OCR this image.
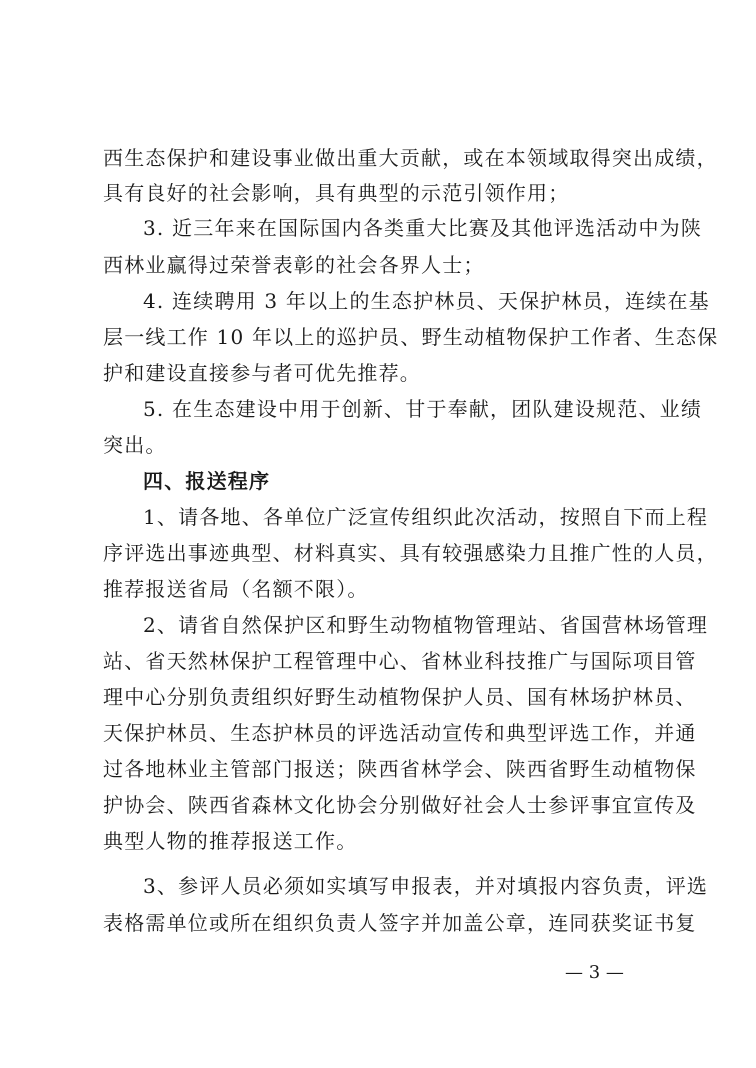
西生态保护和建设事业做出重大贡献，或在本领域取得突出成绩，
具有良好的社会影响，具有典型的示范引领作用；
3. 近三年来在国际国内各类重大比赛及其他评选活动中为陕
西林业赢得过荣誉表彰的社会各界人士；
4. 连续聘用 3 年以上的生态护林员、天保护林员，连续在基
层一线工作 10 年以上的巡护员、野生动植物保护工作者、生态保
护和建设直接参与者可优先推荐。
5. 在生态建设中用于创新、甘于奉献，团队建设规范、业绩
突出。
四、报送程序
1、请各地、各单位广泛宣传组织此次活动，按照自下而上程
序评选出事迹典型、材料真实、具有较强感染力且推广性的人员，
推荐报送省局（名额不限）。
2、请省自然保护区和野生动物植物管理站、省国营林场管理
站、省天然林保护工程管理中心、省林业科技推广与国际项目管
理中心分别负责组织好野生动植物保护人员、国有林场护林员、
天保护林员、生态护林员的评选活动宣传和典型评选工作，并通
过各地林业主管部门报送；陕西省林学会、陕西省野生动植物保
护协会、陕西省森林文化协会分别做好社会人士参评事宜宣传及
典型人物的推荐报送工作。
3、参评人员必须如实填写申报表，并对填报内容负责，评选
表格需单位或所在组织负责人签字并加盖公章，连同获奖证书复
— 3 —
